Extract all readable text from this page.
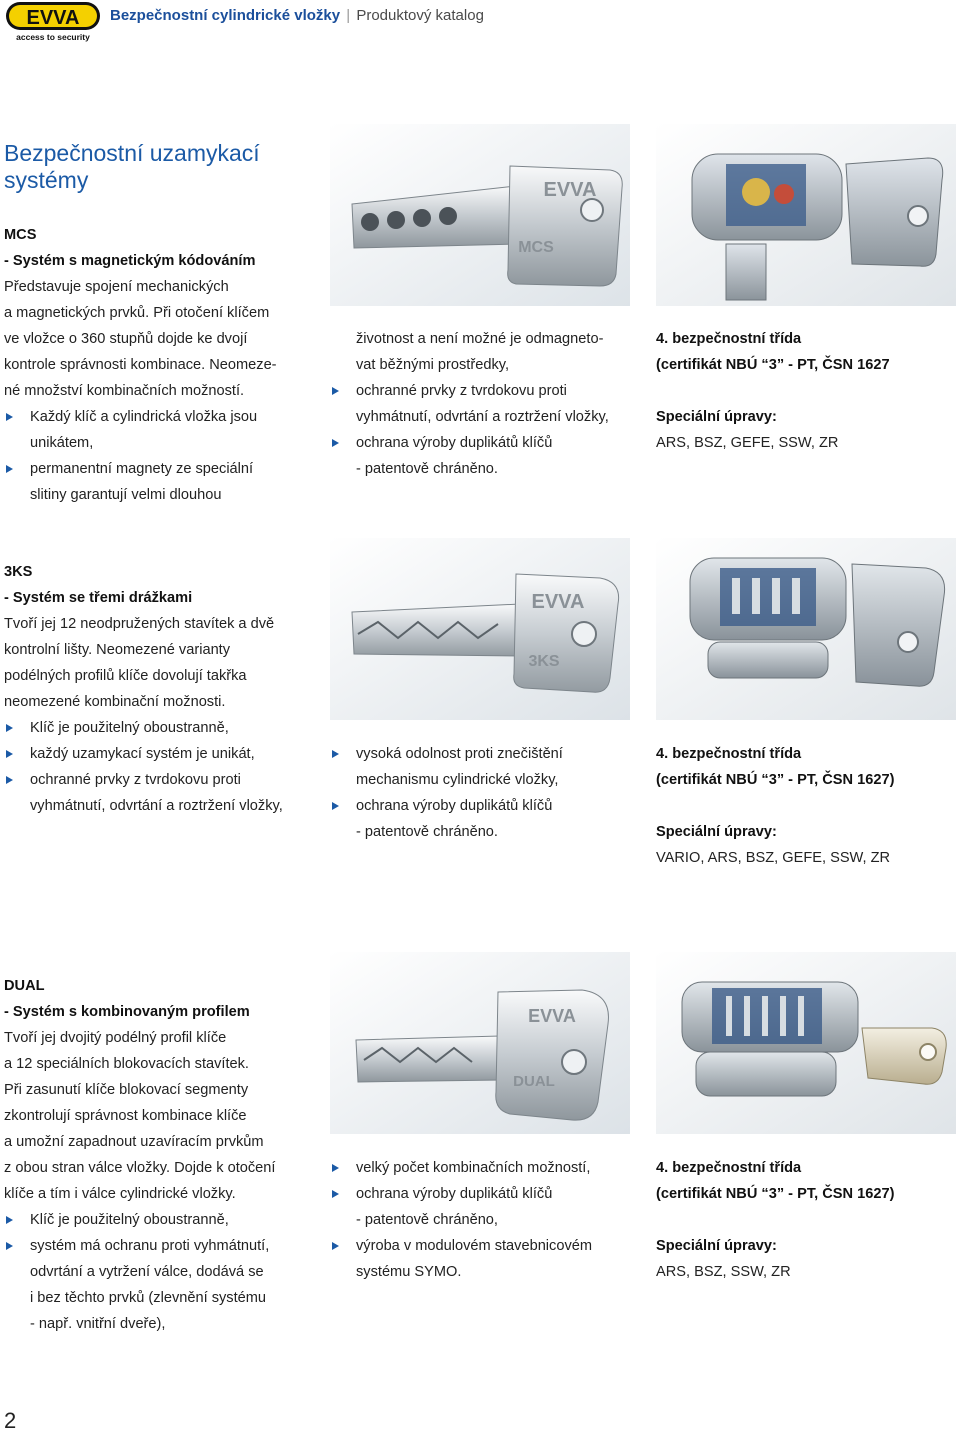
EVVA
access to security
Bezpečnostní cylindrické vložky | Produktový katalog
Bezpečnostní uzamykací
systémy
MCS
- Systém s magnetickým kódováním
Představuje spojení mechanických
a magnetických prvků. Při otočení klíčem
ve vložce o 360 stupňů dojde ke dvojí
kontrole správnosti kombinace. Neomeze-
né množství kombinačních možností.
Každý klíč a cylindrická vložka jsou
unikátem,
permanentní magnety ze speciální
slitiny garantují velmi dlouhou
životnost a není možné je odmagneto-
vat běžnými prostředky,
ochranné prvky z tvrdokovu proti
vyhmátnutí, odvrtání a roztržení vložky,
ochrana výroby duplikátů klíčů
- patentově chráněno.
4. bezpečnostní třída
(certifikát NBÚ “3” - PT, ČSN 1627

Speciální úpravy:
ARS, BSZ, GEFE, SSW, ZR
EVVA
MCS
3KS
- Systém se třemi drážkami
Tvoří jej 12 neodpružených stavítek a dvě
kontrolní lišty. Neomezené varianty
podélných profilů klíče dovolují takřka
neomezené kombinační možnosti.
Klíč je použitelný oboustranně,
každý uzamykací systém je unikát,
ochranné prvky z tvrdokovu proti
vyhmátnutí, odvrtání a roztržení vložky,
vysoká odolnost proti znečištění
mechanismu cylindrické vložky,
ochrana výroby duplikátů klíčů
- patentově chráněno.
4. bezpečnostní třída
(certifikát NBÚ “3” - PT, ČSN 1627)

Speciální úpravy:
VARIO, ARS, BSZ, GEFE, SSW, ZR
EVVA
3KS
DUAL
- Systém s kombinovaným profilem
Tvoří jej dvojitý podélný profil klíče
a 12 speciálních blokovacích stavítek.
Při zasunutí klíče blokovací segmenty
zkontrolují správnost kombinace klíče
a umožní zapadnout uzavíracím prvkům
z obou stran válce vložky. Dojde k otočení
klíče a tím i válce cylindrické vložky.
Klíč je použitelný oboustranně,
systém má ochranu proti vyhmátnutí,
odvrtání a vytržení válce, dodává se
i bez těchto prvků (zlevnění systému
- např. vnitřní dveře),
velký počet kombinačních možností,
ochrana výroby duplikátů klíčů
- patentově chráněno,
výroba v modulovém stavebnicovém
systému SYMO.
4. bezpečnostní třída
(certifikát NBÚ “3” - PT, ČSN 1627)

Speciální úpravy:
ARS, BSZ, SSW, ZR
EVVA
DUAL
2
